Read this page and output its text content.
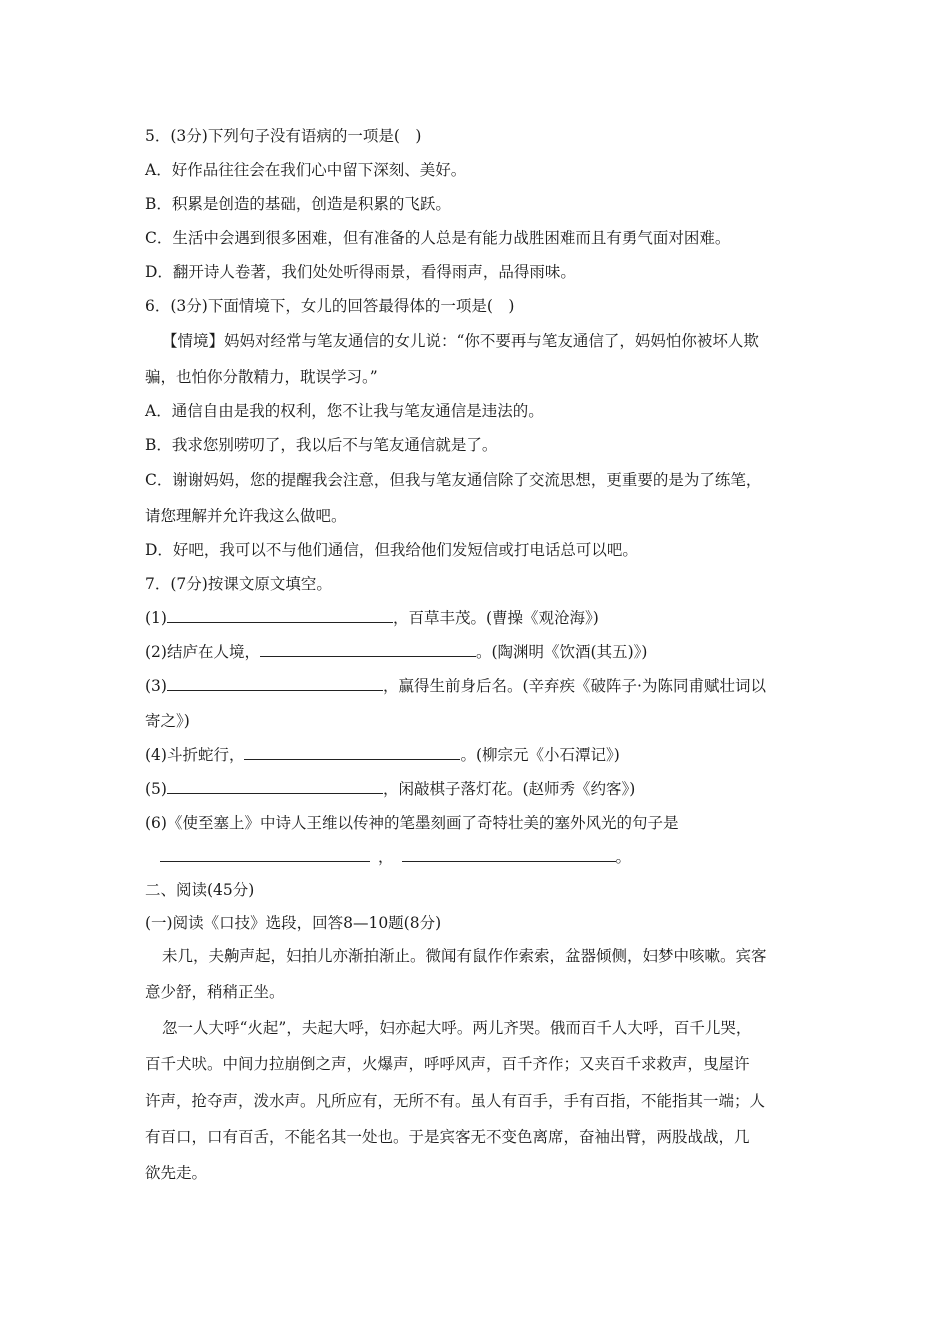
5．(3分)下列句子没有语病的一项是(　)
A．好作品往往会在我们心中留下深刻、美好。
B．积累是创造的基础，创造是积累的飞跃。
C．生活中会遇到很多困难，但有准备的人总是有能力战胜困难而且有勇气面对困难。
D．翻开诗人卷著，我们处处听得雨景，看得雨声，品得雨味。
6．(3分)下面情境下，女儿的回答最得体的一项是(　)
【情境】妈妈对经常与笔友通信的女儿说：“你不要再与笔友通信了，妈妈怕你被坏人欺
骗，也怕你分散精力，耽误学习。”
A．通信自由是我的权利，您不让我与笔友通信是违法的。
B．我求您别唠叨了，我以后不与笔友通信就是了。
C．谢谢妈妈，您的提醒我会注意，但我与笔友通信除了交流思想，更重要的是为了练笔，
请您理解并允许我这么做吧。
D．好吧，我可以不与他们通信，但我给他们发短信或打电话总可以吧。
7．(7分)按课文原文填空。
(1)	，百草丰茂。(曹操《观沧海》)
(2)结庐在人境，	。(陶渊明《饮酒(其五)》)
(3)	，赢得生前身后名。(辛弃疾《破阵子·为陈同甫赋壮词以
寄之》)
(4)斗折蛇行，	。(柳宗元《小石潭记》)
(5)	，闲敲棋子落灯花。(赵师秀《约客》)
(6)《使至塞上》中诗人王维以传神的笔墨刻画了奇特壮美的塞外风光的句子是
，	。
二、阅读(45分)
(一)阅读《口技》选段，回答8—10题(8分)
未几，夫齁声起，妇拍儿亦渐拍渐止。微闻有鼠作作索索，盆器倾侧，妇梦中咳嗽。宾客
意少舒，稍稍正坐。
忽一人大呼“火起”，夫起大呼，妇亦起大呼。两儿齐哭。俄而百千人大呼，百千儿哭，
百千犬吠。中间力拉崩倒之声，火爆声，呼呼风声，百千齐作；又夹百千求救声，曳屋许
许声，抢夺声，泼水声。凡所应有，无所不有。虽人有百手，手有百指，不能指其一端；人
有百口，口有百舌，不能名其一处也。于是宾客无不变色离席，奋袖出臂，两股战战，几
欲先走。
